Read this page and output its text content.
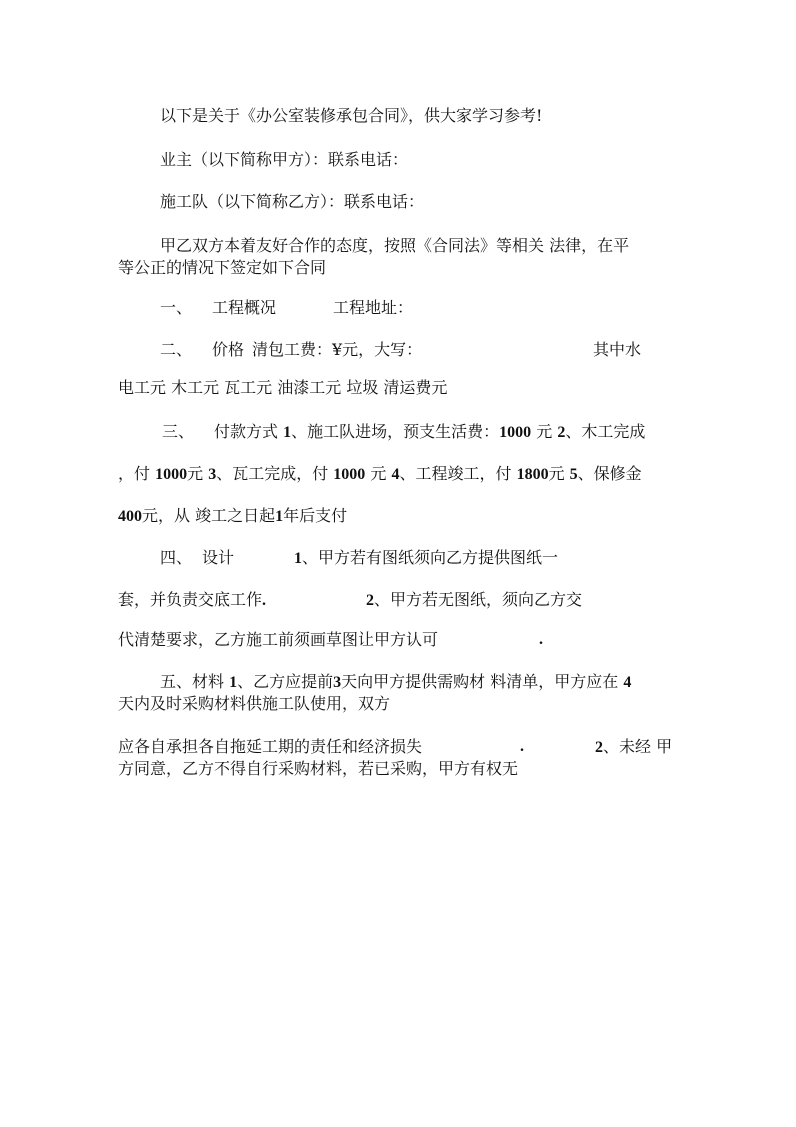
以下是关于《办公室装修承包合同》，供大家学习参考!
业主（以下简称甲方）：联系电话：
施工队（以下简称乙方）：联系电话：
甲乙双方本着友好合作的态度，按照《合同法》等相关 法律，在平
等公正的情况下签定如下合同
一、 工程概况	工程地址：
二、 价格 清包工费：¥元，大写：	其中水
电工元 木工元 瓦工元 油漆工元 垃圾 清运费元
三、 付款方式 1、施工队进场，预支生活费：1000 元 2、木工完成
，付 1000元 3、瓦工完成，付 1000 元 4、工程竣工，付 1800元 5、保修金
400元，从 竣工之日起1年后支付
四、 设计	1、甲方若有图纸须向乙方提供图纸一
套，并负责交底工作.	2、甲方若无图纸，须向乙方交
代清楚要求，乙方施工前须画草图让甲方认可	.
五、材料 1、乙方应提前3天向甲方提供需购材 料清单，甲方应在 4
天内及时采购材料供施工队使用，双方
应各自承担各自拖延工期的责任和经济损失	.	2、未经 甲
方同意，乙方不得自行采购材料，若已采购，甲方有权无
